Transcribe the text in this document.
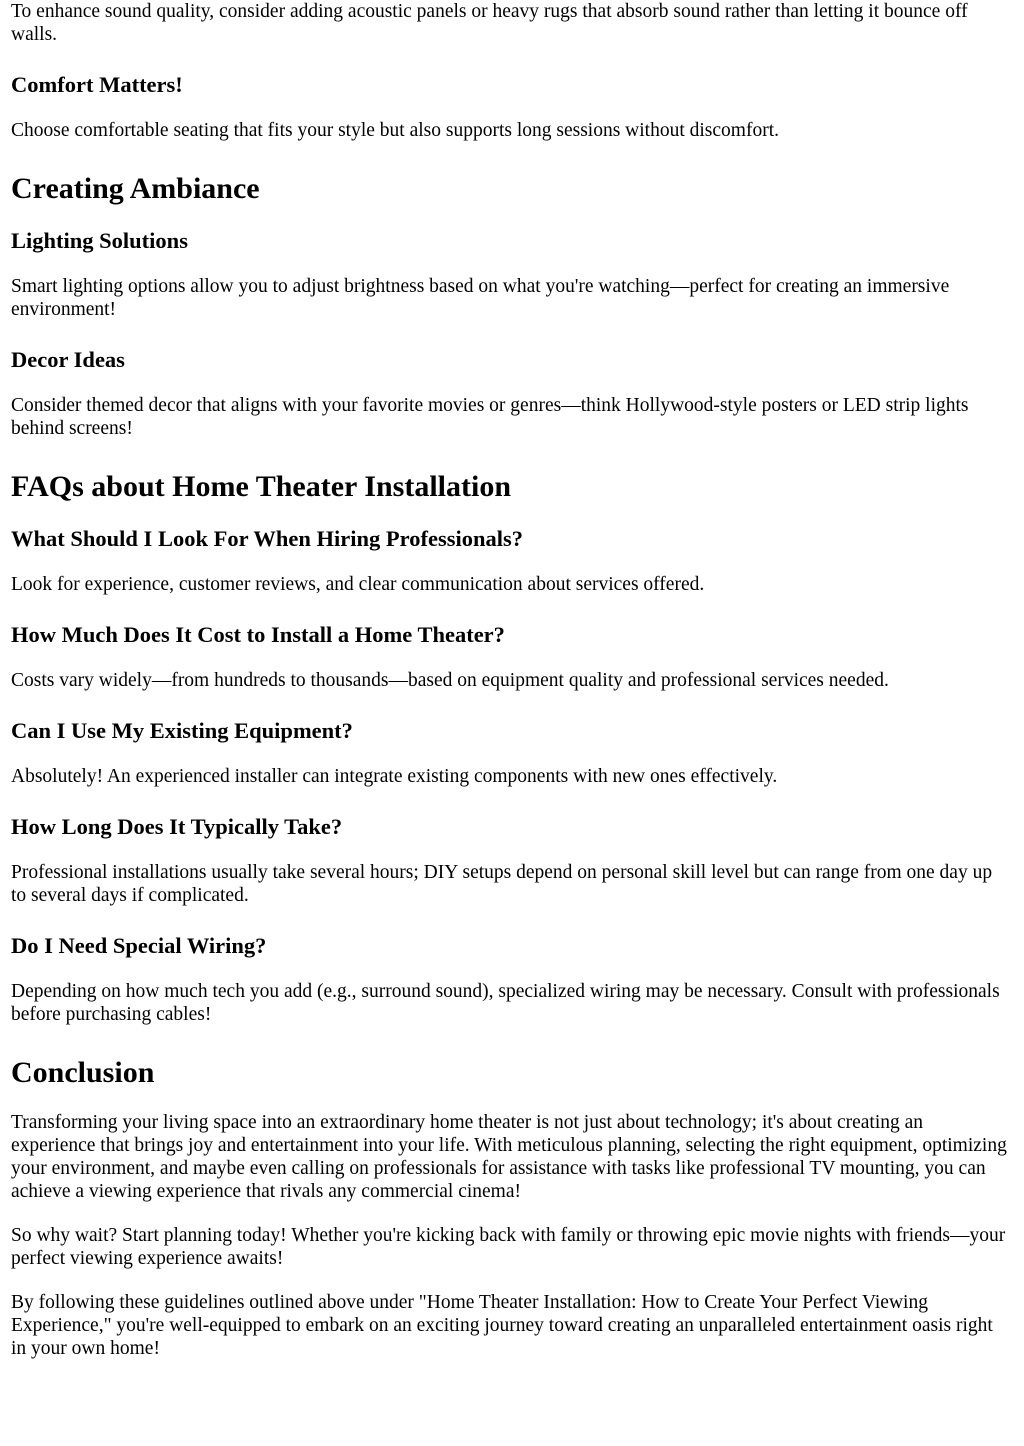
To enhance sound quality, consider adding acoustic panels or heavy rugs that absorb sound rather than letting it bounce off walls.

Comfort Matters!

Choose comfortable seating that fits your style but also supports long sessions without discomfort.

Creating Ambiance
Lighting Solutions

Smart lighting options allow you to adjust brightness based on what you're watching—perfect for creating an immersive environment!

Decor Ideas

Consider themed decor that aligns with your favorite movies or genres—think Hollywood-style posters or LED strip lights behind screens!

FAQs about Home Theater Installation
What Should I Look For When Hiring Professionals?

Look for experience, customer reviews, and clear communication about services offered.

How Much Does It Cost to Install a Home Theater?

Costs vary widely—from hundreds to thousands—based on equipment quality and professional services needed.

Can I Use My Existing Equipment?

Absolutely! An experienced installer can integrate existing components with new ones effectively.

How Long Does It Typically Take?

Professional installations usually take several hours; DIY setups depend on personal skill level but can range from one day up to several days if complicated.

Do I Need Special Wiring?

Depending on how much tech you add (e.g., surround sound), specialized wiring may be necessary. Consult with professionals before purchasing cables!

Conclusion

Transforming your living space into an extraordinary home theater is not just about technology; it's about creating an experience that brings joy and entertainment into your life. With meticulous planning, selecting the right equipment, optimizing your environment, and maybe even calling on professionals for assistance with tasks like professional TV mounting, you can achieve a viewing experience that rivals any commercial cinema!

So why wait? Start planning today! Whether you're kicking back with family or throwing epic movie nights with friends—your perfect viewing experience awaits!

By following these guidelines outlined above under "Home Theater Installation: How to Create Your Perfect Viewing Experience," you're well-equipped to embark on an exciting journey toward creating an unparalleled entertainment oasis right in your own home!
